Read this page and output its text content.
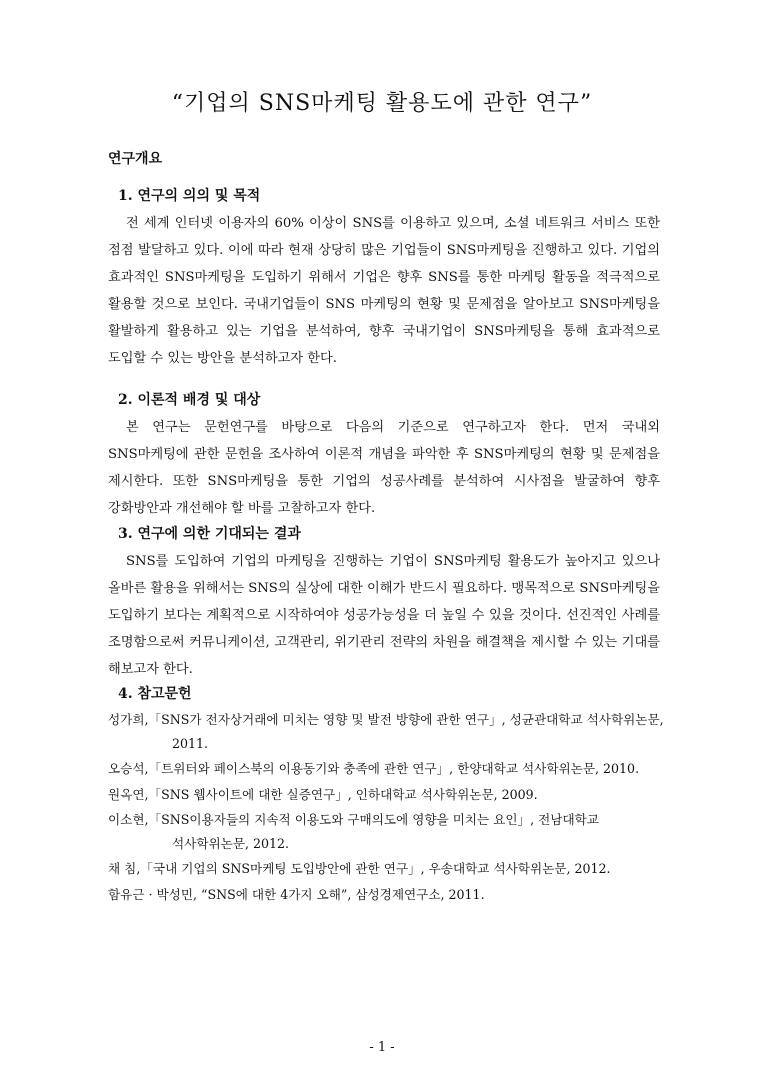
“기업의 SNS마케팅 활용도에 관한 연구”
연구개요
1. 연구의 의의 및 목적

전 세계 인터넷 이용자의 60% 이상이 SNS를 이용하고 있으며, 소셜 네트워크 서비스 또한 점점 발달하고 있다. 이에 따라 현재 상당히 많은 기업들이 SNS마케팅을 진행하고 있다. 기업의 효과적인 SNS마케팅을 도입하기 위해서 기업은 향후 SNS를 통한 마케팅 활동을 적극적으로 활용할 것으로 보인다. 국내기업들이 SNS 마케팅의 현황 및 문제점을 알아보고 SNS마케팅을 활발하게 활용하고 있는 기업을 분석하여, 향후 국내기업이 SNS마케팅을 통해 효과적으로 도입할 수 있는 방안을 분석하고자 한다.

2. 이론적 배경 및 대상

본 연구는 문헌연구를 바탕으로 다음의 기준으로 연구하고자 한다. 먼저 국내외 SNS마케팅에 관한 문헌을 조사하여 이론적 개념을 파악한 후 SNS마케팅의 현황 및 문제점을 제시한다. 또한 SNS마케팅을 통한 기업의 성공사례를 분석하여 시사점을 발굴하여 향후 강화방안과 개선해야 할 바를 고찰하고자 한다.

3. 연구에 의한 기대되는 결과

SNS를 도입하여 기업의 마케팅을 진행하는 기업이 SNS마케팅 활용도가 높아지고 있으나 올바른 활용을 위해서는 SNS의 실상에 대한 이해가 반드시 필요하다. 맹목적으로 SNS마케팅을 도입하기 보다는 계획적으로 시작하여야 성공가능성을 더 높일 수 있을 것이다. 선진적인 사례를 조명함으로써 커뮤니케이션, 고객관리, 위기관리 전략의 차원을 해결책을 제시할 수 있는 기대를 해보고자 한다.

4. 참고문헌

성가희,「SNS가 전자상거래에 미치는 영향 및 발전 방향에 관한 연구」, 성균관대학교 석사학위논문, 2011.

오승석,「트위터와 페이스북의 이용동기와 충족에 관한 연구」, 한양대학교 석사학위논문, 2010.

원옥연,「SNS 웹사이트에 대한 실증연구」, 인하대학교 석사학위논문, 2009.

이소현,「SNS이용자들의 지속적 이용도와 구매의도에 영향을 미치는 요인」, 전남대학교 석사학위논문, 2012.

채 침,「국내 기업의 SNS마케팅 도입방안에 관한 연구」, 우송대학교 석사학위논문, 2012.

함유근 · 박성민, “SNS에 대한 4가지 오해”, 삼성경제연구소, 2011.

- 1 -
